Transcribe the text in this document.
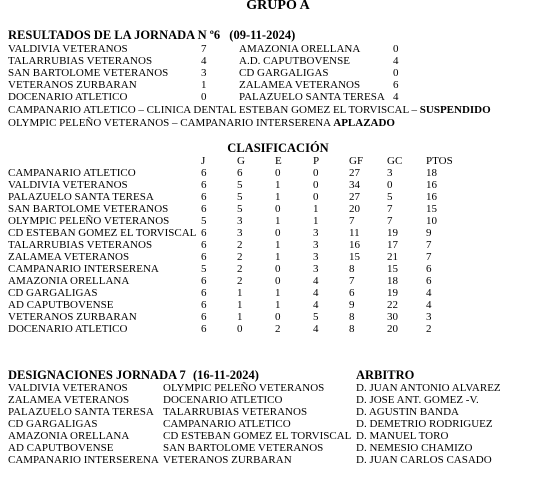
GRUPO A
RESULTADOS DE LA JORNADA N º6 (09-11-2024)
VALDIVIA VETERANOS	7	AMAZONIA ORELLANA	0
TALARRUBIAS VETERANOS	4	A.D. CAPUTBOVENSE	4
SAN BARTOLOME VETERANOS	3	CD GARGALIGAS	0
VETERANOS ZURBARAN	1	ZALAMEA VETERANOS	6
DOCENARIO ATLETICO	0	PALAZUELO SANTA TERESA	4
CAMPANARIO ATLETICO – CLINICA DENTAL ESTEBAN GOMEZ EL TORVISCAL – SUSPENDIDO
OLYMPIC PELEÑO VETERANOS – CAMPANARIO INTERSERENA APLAZADO
CLASIFICACIÓN
	J	G	E	P	GF	GC	PTOS
CAMPANARIO ATLETICO	6	6	0	0	27	3	18
VALDIVIA VETERANOS	6	5	1	0	34	0	16
PALAZUELO SANTA TERESA	6	5	1	0	27	5	16
SAN BARTOLOME VETERANOS	6	5	0	1	20	7	15
OLYMPIC PELEÑO VETERANOS	5	3	1	1	7	7	10
CD ESTEBAN GOMEZ EL TORVISCAL	6	3	0	3	11	19	9
TALARRUBIAS VETERANOS	6	2	1	3	16	17	7
ZALAMEA VETERANOS	6	2	1	3	15	21	7
CAMPANARIO INTERSERENA	5	2	0	3	8	15	6
AMAZONIA ORELLANA	6	2	0	4	7	18	6
CD GARGALIGAS	6	1	1	4	6	19	4
AD CAPUTBOVENSE	6	1	1	4	9	22	4
VETERANOS ZURBARAN	6	1	0	5	8	30	3
DOCENARIO ATLETICO	6	0	2	4	8	20	2
DESIGNACIONES JORNADA 7 (16-11-2024)	ARBITRO
VALDIVIA VETERANOS	OLYMPIC PELEÑO VETERANOS	D. JUAN ANTONIO ALVAREZ
ZALAMEA VETERANOS	DOCENARIO ATLETICO	D. JOSE ANT. GOMEZ -V.
PALAZUELO SANTA TERESA	TALARRUBIAS VETERANOS	D. AGUSTIN BANDA
CD GARGALIGAS	CAMPANARIO ATLETICO	D. DEMETRIO RODRIGUEZ
AMAZONIA ORELLANA	CD ESTEBAN GOMEZ EL TORVISCAL	D. MANUEL TORO
AD CAPUTBOVENSE	SAN BARTOLOME VETERANOS	D. NEMESIO CHAMIZO
CAMPANARIO INTERSERENA	VETERANOS ZURBARAN	D. JUAN CARLOS CASADO
